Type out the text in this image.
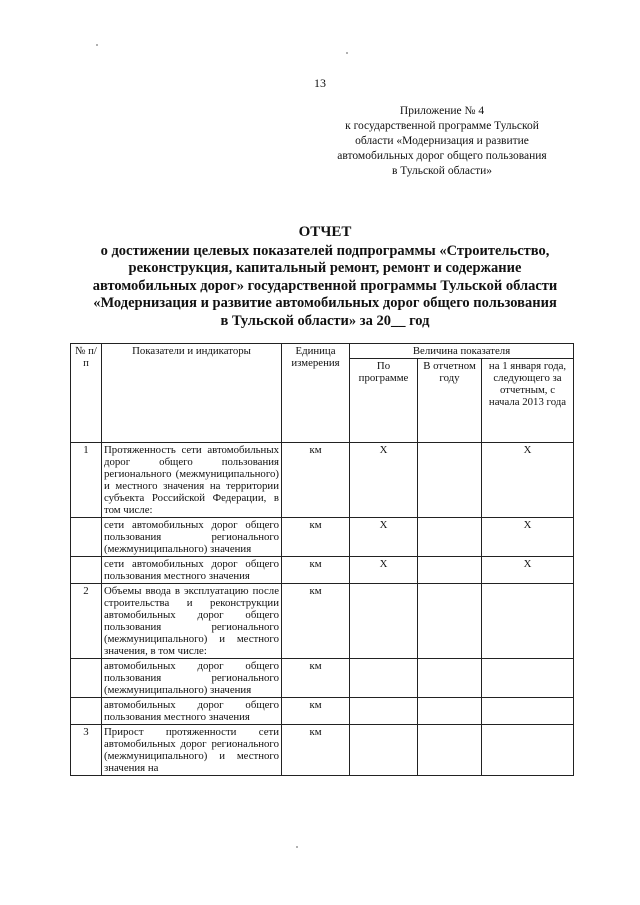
13
Приложение № 4
к государственной программе Тульской
области «Модернизация и развитие
автомобильных дорог общего пользования
в Тульской области»
ОТЧЕТ
о достижении целевых показателей подпрограммы «Строительство,
реконструкция, капитальный ремонт, ремонт и содержание
автомобильных дорог» государственной программы Тульской области
«Модернизация и развитие автомобильных дорог общего пользования
в Тульской области» за 20__ год
№ п/п	Показатели и индикаторы	Единица измерения	Величина показателя		
			По программе	В отчетном году	на 1 января года, следующего за отчетным, с начала 2013 года
1	Протяженность сети автомобильных дорог общего пользования регионального (межмуниципального) и местного значения на территории субъекта Российской Федерации, в том числе:	км	X		X
	сети автомобильных дорог общего пользования регионального (межмуниципального) значения	км	X		X
	сети автомобильных дорог общего пользования местного значения	км	X		X
2	Объемы ввода в эксплуатацию после строительства и реконструкции автомобильных дорог общего пользования регионального (межмуниципального) и местного значения, в том числе:	км			
	автомобильных дорог общего пользования регионального (межмуниципального) значения	км			
	автомобильных дорог общего пользования местного значения	км			
3	Прирост протяженности сети автомобильных дорог регионального (межмуниципального) и местного значения на	км			
